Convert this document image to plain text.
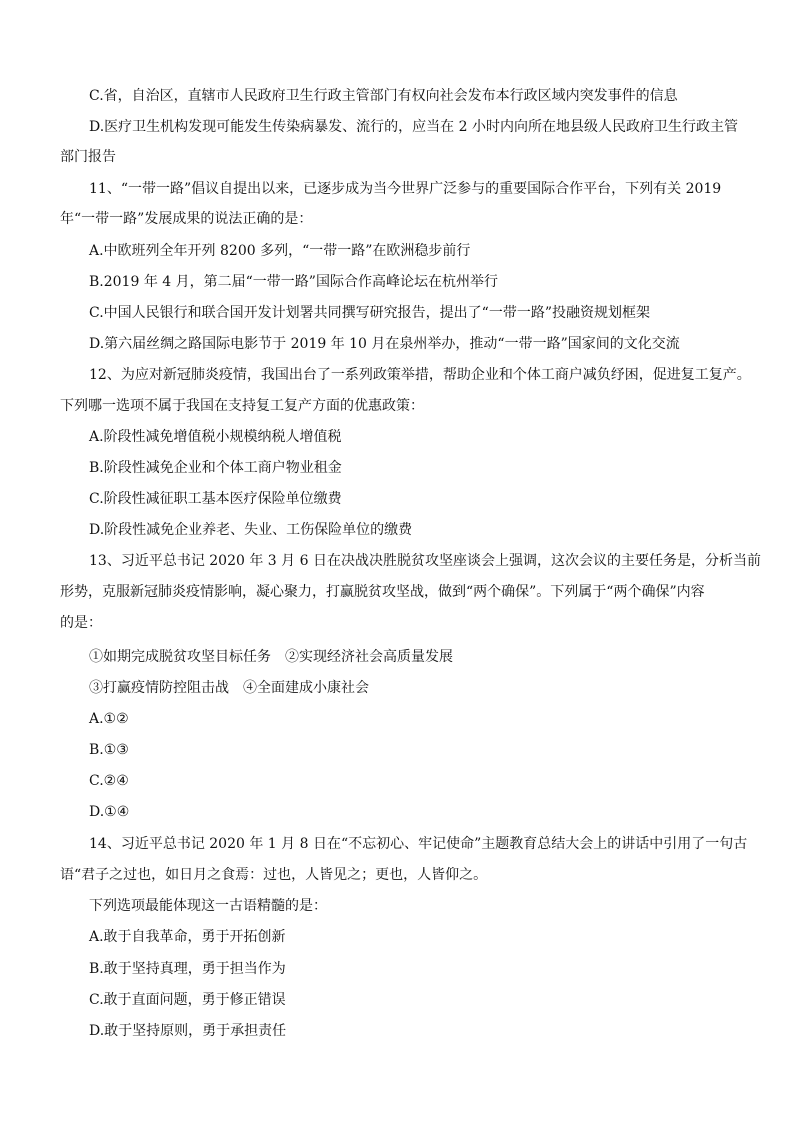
C.省，自治区，直辖市人民政府卫生行政主管部门有权向社会发布本行政区域内突发事件的信息
D.医疗卫生机构发现可能发生传染病暴发、流行的，应当在 2 小时内向所在地县级人民政府卫生行政主管
部门报告
11、“一带一路”倡议自提出以来，已逐步成为当今世界广泛参与的重要国际合作平台，下列有关 2019
年“一带一路”发展成果的说法正确的是：
A.中欧班列全年开列 8200 多列，“一带一路”在欧洲稳步前行
B.2019 年 4 月，第二届“一带一路”国际合作高峰论坛在杭州举行
C.中国人民银行和联合国开发计划署共同撰写研究报告，提出了“一带一路”投融资规划框架
D.第六届丝绸之路国际电影节于 2019 年 10 月在泉州举办，推动“一带一路”国家间的文化交流
12、为应对新冠肺炎疫情，我国出台了一系列政策举措，帮助企业和个体工商户减负纾困，促进复工复产。
下列哪一选项不属于我国在支持复工复产方面的优惠政策：
A.阶段性减免增值税小规模纳税人增值税
B.阶段性减免企业和个体工商户物业租金
C.阶段性减征职工基本医疗保险单位缴费
D.阶段性减免企业养老、失业、工伤保险单位的缴费
13、习近平总书记 2020 年 3 月 6 日在决战决胜脱贫攻坚座谈会上强调，这次会议的主要任务是，分析当前
形势，克服新冠肺炎疫情影响，凝心聚力，打赢脱贫攻坚战，做到“两个确保”。下列属于“两个确保”内容
的是：
①如期完成脱贫攻坚目标任务　②实现经济社会高质量发展
③打赢疫情防控阻击战　④全面建成小康社会
A.①②
B.①③
C.②④
D.①④
14、习近平总书记 2020 年 1 月 8 日在“不忘初心、牢记使命”主题教育总结大会上的讲话中引用了一句古
语“君子之过也，如日月之食焉：过也，人皆见之；更也，人皆仰之。
下列选项最能体现这一古语精髓的是：
A.敢于自我革命，勇于开拓创新
B.敢于坚持真理，勇于担当作为
C.敢于直面问题，勇于修正错误
D.敢于坚持原则，勇于承担责任
